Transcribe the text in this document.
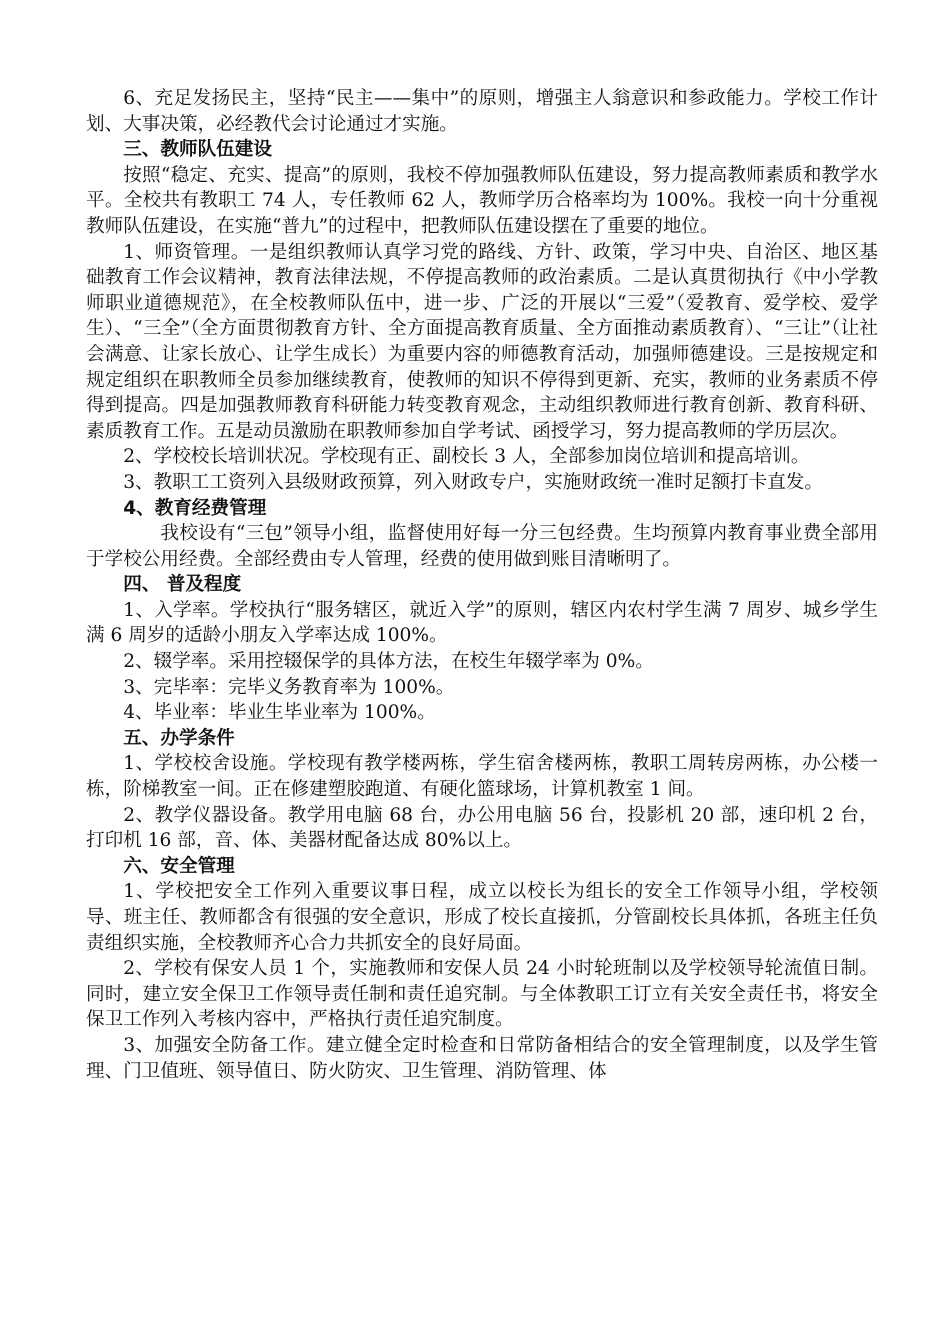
6、充足发扬民主，坚持“民主——集中”的原则，增强主人翁意识和参政能力。学校工作计划、大事决策，必经教代会讨论通过才实施。

三、教师队伍建设

按照“稳定、充实、提高”的原则，我校不停加强教师队伍建设，努力提高教师素质和教学水平。全校共有教职工 74 人，专任教师 62 人，教师学历合格率均为 100%。我校一向十分重视教师队伍建设，在实施“普九”的过程中，把教师队伍建设摆在了重要的地位。

1、师资管理。一是组织教师认真学习党的路线、方针、政策，学习中央、自治区、地区基础教育工作会议精神，教育法律法规，不停提高教师的政治素质。二是认真贯彻执行《中小学教师职业道德规范》，在全校教师队伍中，进一步、广泛的开展以“三爱”（爱教育、爱学校、爱学生）、“三全”（全方面贯彻教育方针、全方面提高教育质量、全方面推动素质教育）、“三让”（让社会满意、让家长放心、让学生成长）为重要内容的师德教育活动，加强师德建设。三是按规定和规定组织在职教师全员参加继续教育，使教师的知识不停得到更新、充实，教师的业务素质不停得到提高。四是加强教师教育科研能力转变教育观念，主动组织教师进行教育创新、教育科研、素质教育工作。五是动员激励在职教师参加自学考试、函授学习，努力提高教师的学历层次。

2、学校校长培训状况。学校现有正、副校长 3 人，全部参加岗位培训和提高培训。

3、教职工工资列入县级财政预算，列入财政专户，实施财政统一准时足额打卡直发。

4、教育经费管理

我校设有“三包”领导小组，监督使用好每一分三包经费。生均预算内教育事业费全部用于学校公用经费。全部经费由专人管理，经费的使用做到账目清晰明了。

四、 普及程度

1、入学率。学校执行“服务辖区，就近入学”的原则，辖区内农村学生满 7 周岁、城乡学生满 6 周岁的适龄小朋友入学率达成 100%。

2、辍学率。采用控辍保学的具体方法，在校生年辍学率为 0%。

3、完毕率：完毕义务教育率为 100%。

4、毕业率：毕业生毕业率为 100%。

五、办学条件

1、学校校舍设施。学校现有教学楼两栋，学生宿舍楼两栋，教职工周转房两栋，办公楼一栋，阶梯教室一间。正在修建塑胶跑道、有硬化篮球场，计算机教室 1 间。

2、教学仪器设备。教学用电脑 68 台，办公用电脑 56 台，投影机 20 部，速印机 2 台，打印机 16 部，音、体、美器材配备达成 80%以上。

六、安全管理

1、学校把安全工作列入重要议事日程，成立以校长为组长的安全工作领导小组，学校领导、班主任、教师都含有很强的安全意识，形成了校长直接抓，分管副校长具体抓，各班主任负责组织实施，全校教师齐心合力共抓安全的良好局面。

2、学校有保安人员 1 个，实施教师和安保人员 24 小时轮班制以及学校领导轮流值日制。同时，建立安全保卫工作领导责任制和责任追究制。与全体教职工订立有关安全责任书，将安全保卫工作列入考核内容中，严格执行责任追究制度。

3、加强安全防备工作。建立健全定时检查和日常防备相结合的安全管理制度，以及学生管理、门卫值班、领导值日、防火防灾、卫生管理、消防管理、体
